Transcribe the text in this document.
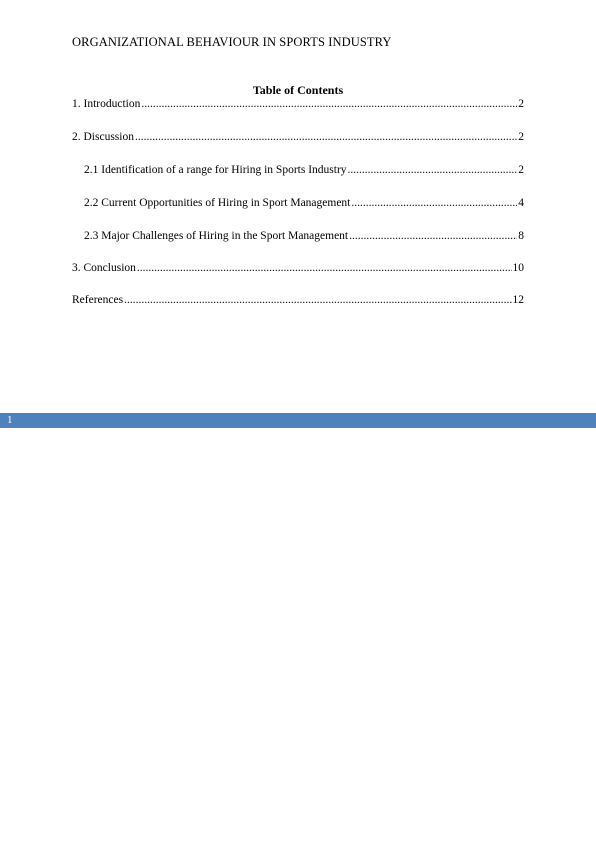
ORGANIZATIONAL BEHAVIOUR IN SPORTS INDUSTRY
Table of Contents
1. Introduction .....	2
2. Discussion .....	2
2.1 Identification of a range for Hiring in Sports Industry .....	2
2.2 Current Opportunities of Hiring in Sport Management .....	4
2.3 Major Challenges of Hiring in the Sport Management .....	8
3. Conclusion .....	10
References .....	12
1
